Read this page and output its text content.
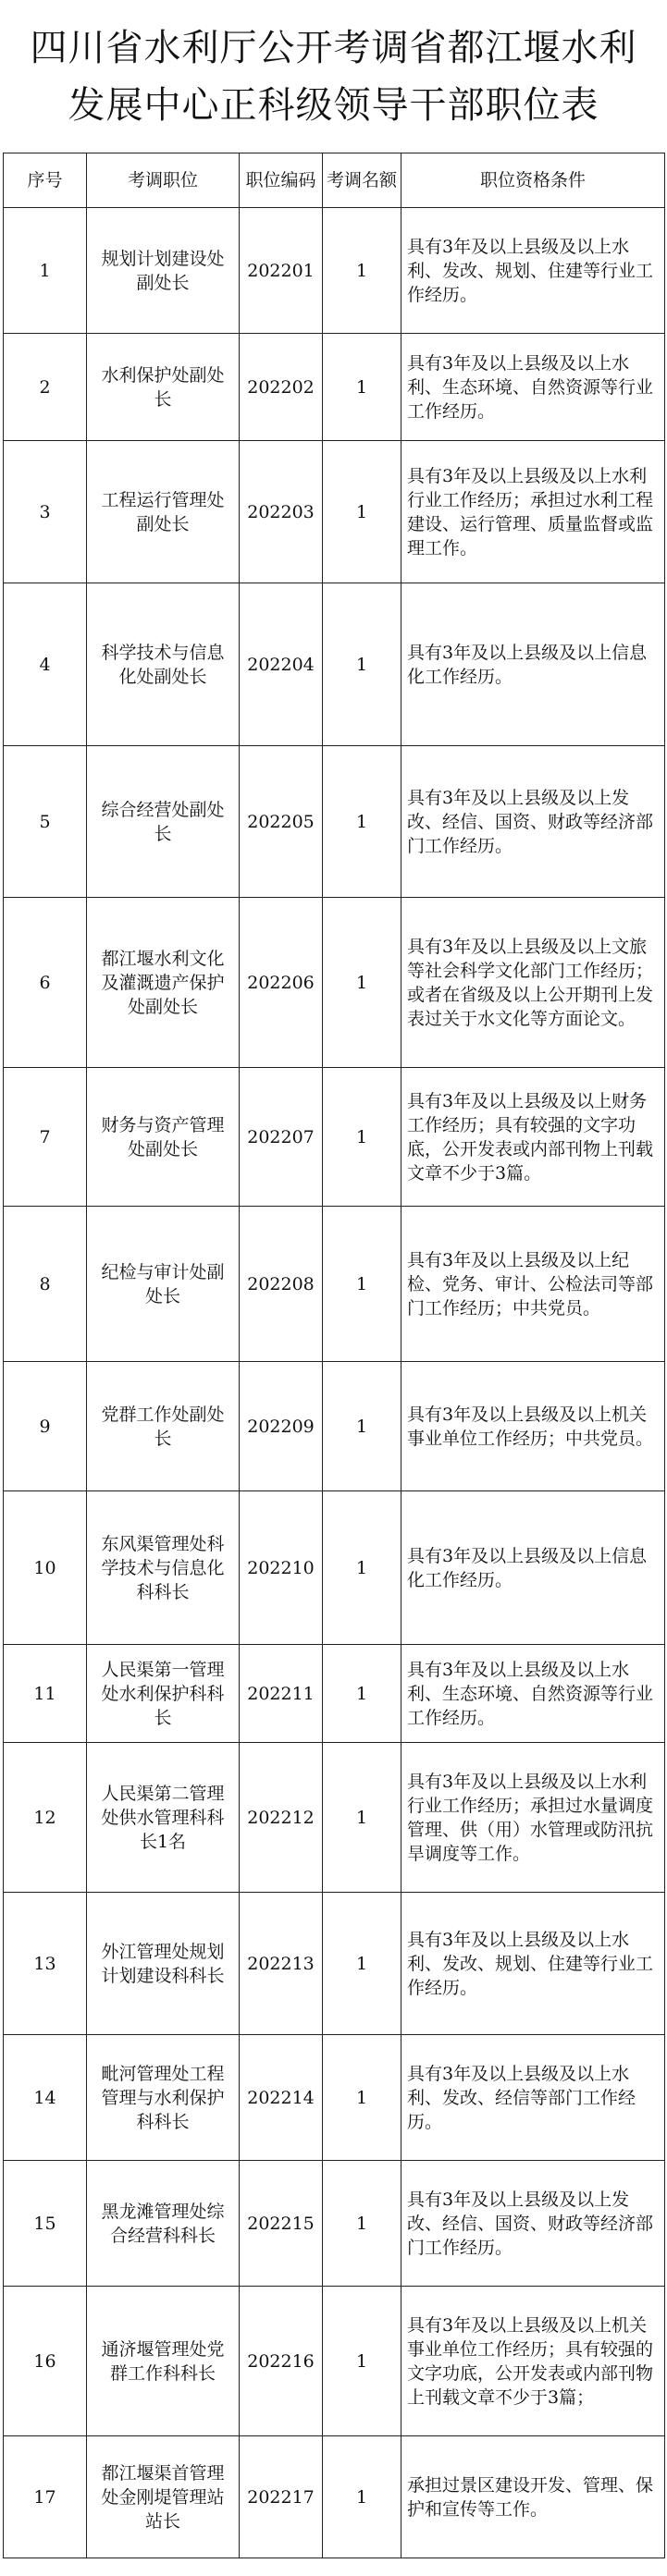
四川省水利厅公开考调省都江堰水利
发展中心正科级领导干部职位表
序号	考调职位	职位编码	考调名额	职位资格条件
1	规划计划建设处副处长	202201	1	具有3年及以上县级及以上水利、发改、规划、住建等行业工作经历。

2	水利保护处副处长	202202	1	具有3年及以上县级及以上水利、生态环境、自然资源等行业工作经历。

3	工程运行管理处副处长	202203	1	具有3年及以上县级及以上水利行业工作经历；承担过水利工程建设、运行管理、质量监督或监理工作。

4	科学技术与信息化处副处长	202204	1	具有3年及以上县级及以上信息化工作经历。

5	综合经营处副处长	202205	1	具有3年及以上县级及以上发改、经信、国资、财政等经济部门工作经历。

6	都江堰水利文化及灌溉遗产保护处副处长	202206	1	具有3年及以上县级及以上文旅等社会科学文化部门工作经历；或者在省级及以上公开期刊上发表过关于水文化等方面论文。

7	财务与资产管理处副处长	202207	1	具有3年及以上县级及以上财务工作经历；具有较强的文字功底，公开发表或内部刊物上刊载文章不少于3篇。

8	纪检与审计处副处长	202208	1	具有3年及以上县级及以上纪检、党务、审计、公检法司等部门工作经历；中共党员。

9	党群工作处副处长	202209	1	具有3年及以上县级及以上机关事业单位工作经历；中共党员。

10	东风渠管理处科学技术与信息化科科长	202210	1	具有3年及以上县级及以上信息化工作经历。

11	人民渠第一管理处水利保护科科长	202211	1	具有3年及以上县级及以上水利、生态环境、自然资源等行业工作经历。

12	人民渠第二管理处供水管理科科长1名	202212	1	具有3年及以上县级及以上水利行业工作经历；承担过水量调度管理、供（用）水管理或防汛抗旱调度等工作。

13	外江管理处规划计划建设科科长	202213	1	具有3年及以上县级及以上水利、发改、规划、住建等行业工作经历。

14	毗河管理处工程管理与水利保护科科长	202214	1	具有3年及以上县级及以上水利、发改、经信等部门工作经历。

15	黑龙滩管理处综合经营科科长	202215	1	具有3年及以上县级及以上发改、经信、国资、财政等经济部门工作经历。

16	通济堰管理处党群工作科科长	202216	1	具有3年及以上县级及以上机关事业单位工作经历；具有较强的文字功底，公开发表或内部刊物上刊载文章不少于3篇；

17	都江堰渠首管理处金刚堤管理站站长	202217	1	承担过景区建设开发、管理、保护和宣传等工作。
